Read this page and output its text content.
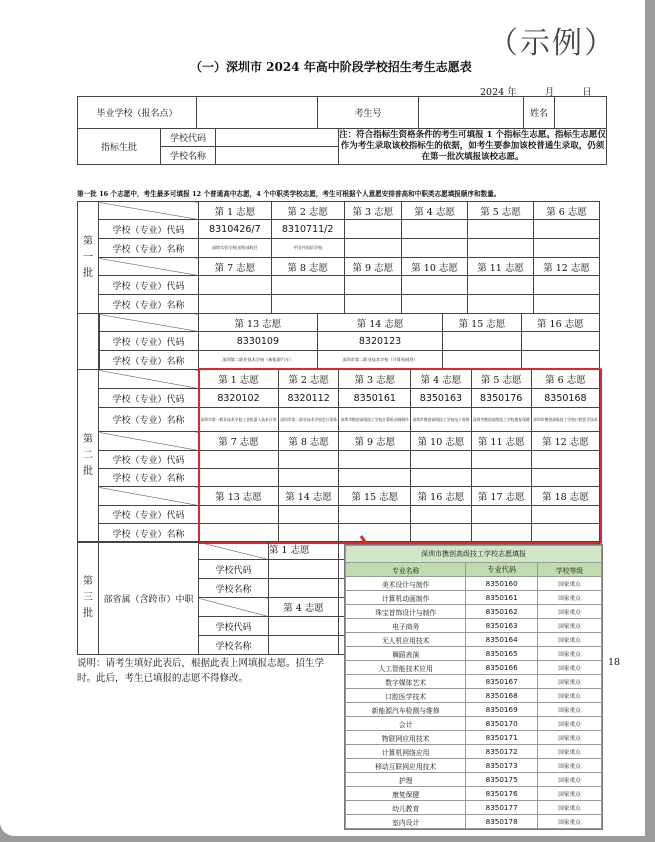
（示例）
（一）深圳市 2024 年高中阶段学校招生考生志愿表
2024 年	月	日
毕业学校（报名点）		考生号		姓名	
指标生批	学校代码		注：符合指标生资格条件的考生可填报 1 个指标生志愿。指标生志愿仅作为考生录取该校指标生的依据，如考生要参加该校普通生录取，仍须在第一批次填报该校志愿。
	学校名称		
第一批 16 个志愿中，考生最多可填报 12 个普通高中志愿，4 个中职类学校志愿，考生可根据个人意愿安排普高和中职类志愿填报顺序和数量。
第
一
批		第 1 志愿	第 2 志愿	第 3 志愿	第 4 志愿	第 5 志愿	第 6 志愿
	学校（专业）代码	8310426/7	8310711/2				
	学校（专业）名称	深圳实验学校光明部校区	平冈外国语学校				
		第 7 志愿	第 8 志愿	第 9 志愿	第 10 志愿	第 11 志愿	第 12 志愿
	学校（专业）代码						
	学校（专业）名称						
	第 13 志愿	第 14 志愿	第 15 志愿	第 16 志愿
学校（专业）代码	8330109	8320123		
学校（专业）名称	深圳第二职业技术学校（新能源汽车）	深圳市第二职业技术学校（计算机网络）		
第
二
批		第 1 志愿	第 2 志愿	第 3 志愿	第 4 志愿	第 5 志愿	第 6 志愿
	学校（专业）代码	8320102	8320112	8350161	8350163	8350176	8350168
	学校（专业）名称	深圳市第一职业技术学校工业机器人技术应用	深圳市第二职业技术学校会计事务	深圳市携创高级技工学校计算机动画制作	深圳市携创高级技工学校电子商务	深圳市携创高级技工学校康复保健	深圳市携创高级技工学校口腔医学技术
		第 7 志愿	第 8 志愿	第 9 志愿	第 10 志愿	第 11 志愿	第 12 志愿
	学校（专业）代码						
	学校（专业）名称						
		第 13 志愿	第 14 志愿	第 15 志愿	第 16 志愿	第 17 志愿	第 18 志愿
	学校（专业）代码						
	学校（专业）名称						
第
三
批	部省属（含跨市）中职		第 1 志愿	
		学校代码		
		学校名称		
			第 4 志愿	
		学校代码		
		学校名称		
说明：请考生填好此表后，根据此表上网填报志愿。招生学
时。此后，考生已填报的志愿不得修改。
18
深圳市携创高级技工学校志愿填报		
专业名称	专业代码	学校等级
美术设计与制作	8350160	国家重点
计算机动画制作	8350161	国家重点
珠宝首饰设计与制作	8350162	国家重点
电子商务	8350163	国家重点
无人机应用技术	8350164	国家重点
舞蹈表演	8350165	国家重点
人工智能技术应用	8350166	国家重点
数字媒体艺术	8350167	国家重点
口腔医学技术	8350168	国家重点
新能源汽车检测与维修	8350169	国家重点
会计	8350170	国家重点
物联网应用技术	8350171	国家重点
计算机网络应用	8350172	国家重点
移动互联网应用技术	8350173	国家重点
护理	8350175	国家重点
康复保健	8350176	国家重点
幼儿教育	8350177	国家重点
室内设计	8350178	国家重点
